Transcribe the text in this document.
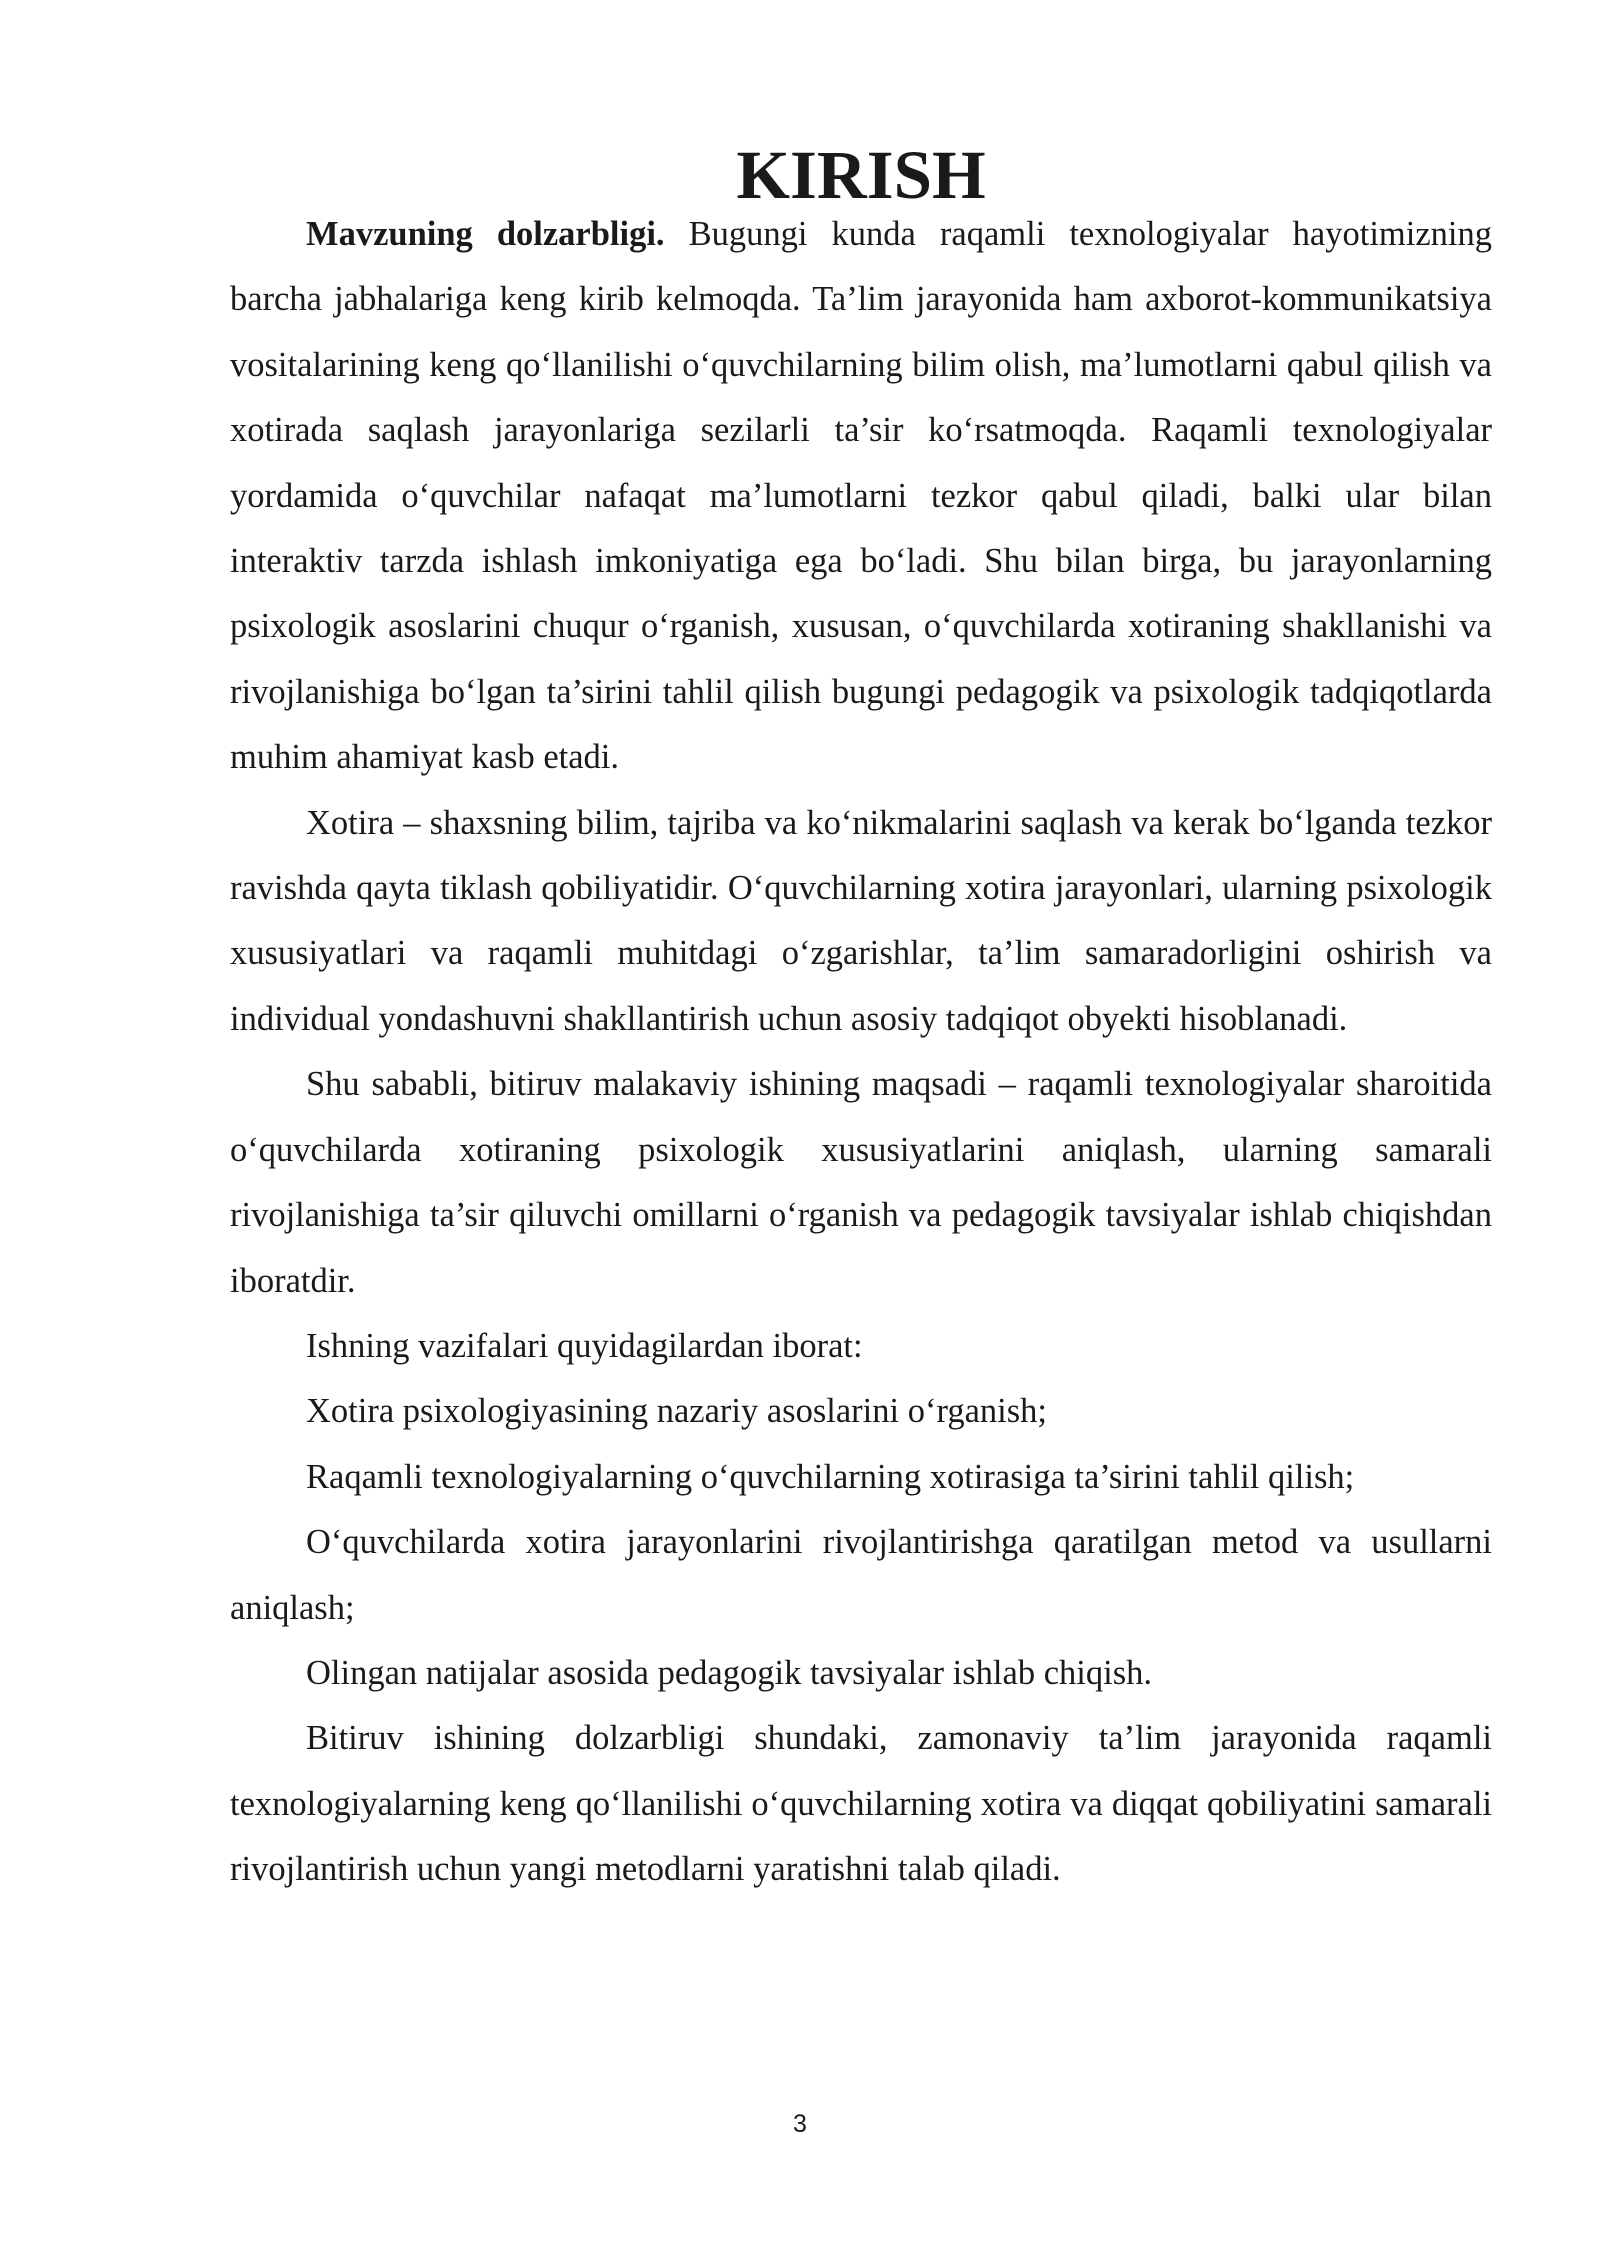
KIRISH

Mavzuning dolzarbligi. Bugungi kunda raqamli texnologiyalar hayotimizning barcha jabhalariga keng kirib kelmoqda. Ta’lim jarayonida ham axborot-kommunikatsiya vositalarining keng qo‘llanilishi o‘quvchilarning bilim olish, ma’lumotlarni qabul qilish va xotirada saqlash jarayonlariga sezilarli ta’sir ko‘rsatmoqda. Raqamli texnologiyalar yordamida o‘quvchilar nafaqat ma’lumotlarni tezkor qabul qiladi, balki ular bilan interaktiv tarzda ishlash imkoniyatiga ega bo‘ladi. Shu bilan birga, bu jarayonlarning psixologik asoslarini chuqur o‘rganish, xususan, o‘quvchilarda xotiraning shakllanishi va rivojlanishiga bo‘lgan ta’sirini tahlil qilish bugungi pedagogik va psixologik tadqiqotlarda muhim ahamiyat kasb etadi.

Xotira – shaxsning bilim, tajriba va ko‘nikmalarini saqlash va kerak bo‘lganda tezkor ravishda qayta tiklash qobiliyatidir. O‘quvchilarning xotira jarayonlari, ularning psixologik xususiyatlari va raqamli muhitdagi o‘zgarishlar, ta’lim samaradorligini oshirish va individual yondashuvni shakllantirish uchun asosiy tadqiqot obyekti hisoblanadi.

Shu sababli, bitiruv malakaviy ishining maqsadi – raqamli texnologiyalar sharoitida o‘quvchilarda xotiraning psixologik xususiyatlarini aniqlash, ularning samarali rivojlanishiga ta’sir qiluvchi omillarni o‘rganish va pedagogik tavsiyalar ishlab chiqishdan iboratdir.

Ishning vazifalari quyidagilardan iborat:

Xotira psixologiyasining nazariy asoslarini o‘rganish;

Raqamli texnologiyalarning o‘quvchilarning xotirasiga ta’sirini tahlil qilish;

O‘quvchilarda xotira jarayonlarini rivojlantirishga qaratilgan metod va usullarni aniqlash;

Olingan natijalar asosida pedagogik tavsiyalar ishlab chiqish.

Bitiruv ishining dolzarbligi shundaki, zamonaviy ta’lim jarayonida raqamli texnologiyalarning keng qo‘llanilishi o‘quvchilarning xotira va diqqat qobiliyatini samarali rivojlantirish uchun yangi metodlarni yaratishni talab qiladi.

3
